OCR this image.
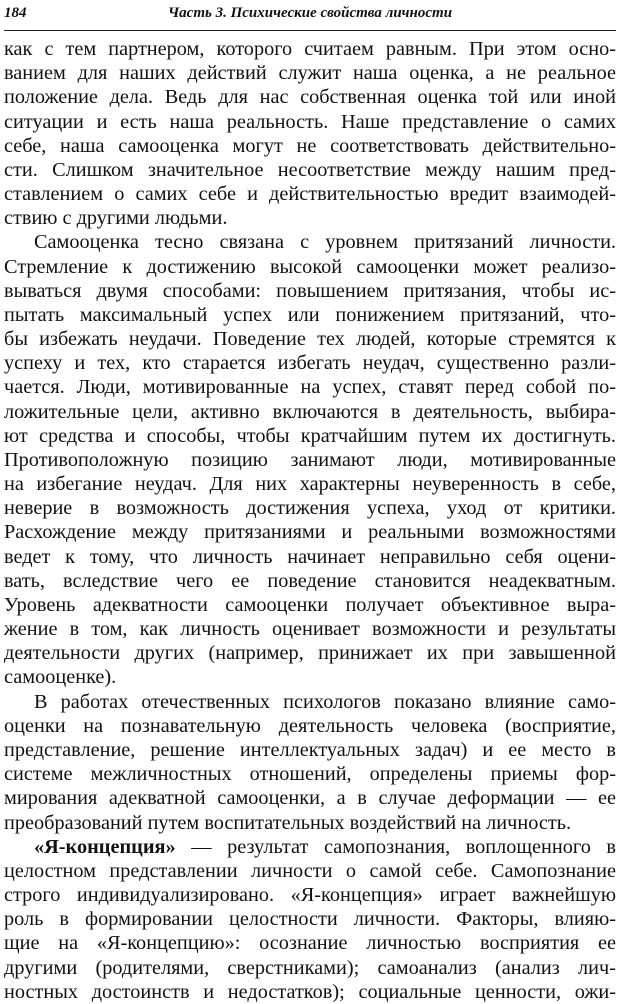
184	Часть 3. Психические свойства личности
как с тем партнером, которого считаем равным. При этом осно-
ванием для наших действий служит наша оценка, а не реальное
положение дела. Ведь для нас собственная оценка той или иной
ситуации и есть наша реальность. Наше представление о самих
себе, наша самооценка могут не соответствовать действительно-
сти. Слишком значительное несоответствие между нашим пред-
ставлением о самих себе и действительностью вредит взаимодей-
ствию с другими людьми.
Самооценка тесно связана с уровнем притязаний личности.
Стремление к достижению высокой самооценки может реализо-
вываться двумя способами: повышением притязания, чтобы ис-
пытать максимальный успех или понижением притязаний, что-
бы избежать неудачи. Поведение тех людей, которые стремятся к
успеху и тех, кто старается избегать неудач, существенно разли-
чается. Люди, мотивированные на успех, ставят перед собой по-
ложительные цели, активно включаются в деятельность, выбира-
ют средства и способы, чтобы кратчайшим путем их достигнуть.
Противоположную позицию занимают люди, мотивированные
на избегание неудач. Для них характерны неуверенность в себе,
неверие в возможность достижения успеха, уход от критики.
Расхождение между притязаниями и реальными возможностями
ведет к тому, что личность начинает неправильно себя оцени-
вать, вследствие чего ее поведение становится неадекватным.
Уровень адекватности самооценки получает объективное выра-
жение в том, как личность оценивает возможности и результаты
деятельности других (например, принижает их при завышенной
самооценке).
В работах отечественных психологов показано влияние само-
оценки на познавательную деятельность человека (восприятие,
представление, решение интеллектуальных задач) и ее место в
системе межличностных отношений, определены приемы фор-
мирования адекватной самооценки, а в случае деформации — ее
преобразований путем воспитательных воздействий на личность.
«Я-концепция» — результат самопознания, воплощенного в
целостном представлении личности о самой себе. Самопознание
строго индивидуализировано. «Я-концепция» играет важнейшую
роль в формировании целостности личности. Факторы, влияю-
щие на «Я-концепцию»: осознание личностью восприятия ее
другими (родителями, сверстниками); самоанализ (анализ лич-
ностных достоинств и недостатков); социальные ценности, ожи-
